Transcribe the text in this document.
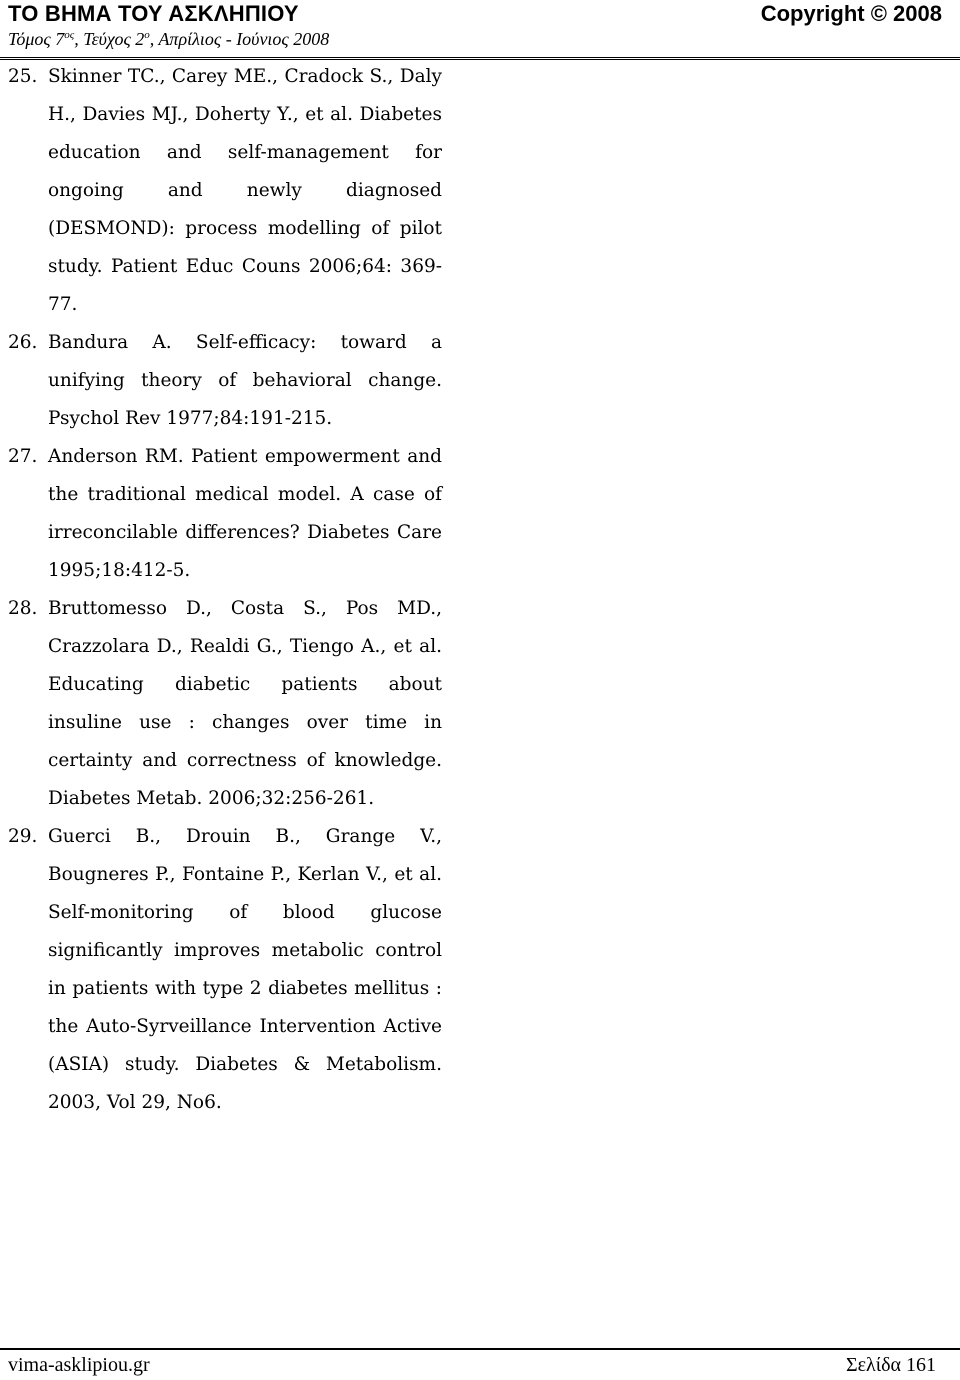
ΤΟ ΒΗΜΑ ΤΟΥ ΑΣΚΛΗΠΙΟΥ	Copyright © 2008
Τόμος $7^{o\varsigma}$, Τεύχος $2^o$, Απρίλιος - Ιούνιος 2008
25. Skinner TC., Carey ME., Cradock S., Daly H., Davies MJ., Doherty Y., et al. Diabetes education and self-management for ongoing and newly diagnosed (DESMOND): process modelling of pilot study. Patient Educ Couns 2006;64: 369-77.
26. Bandura A. Self-efficacy: toward a unifying theory of behavioral change. Psychol Rev 1977;84:191-215.
27. Anderson RM. Patient empowerment and the traditional medical model. A case of irreconcilable differences? Diabetes Care 1995;18:412-5.
28. Bruttomesso D., Costa S., Pos MD., Crazzolara D., Realdi G., Tiengo A., et al. Educating diabetic patients about insuline use : changes over time in certainty and correctness of knowledge. Diabetes Metab. 2006;32:256-261.
29. Guerci B., Drouin B., Grange V., Bougneres P., Fontaine P., Kerlan V., et al. Self-monitoring of blood glucose significantly improves metabolic control in patients with type 2 diabetes mellitus : the Auto-Syrveillance Intervention Active (ASIA) study. Diabetes & Metabolism. 2003, Vol 29, No6.
vima-asklipiou.gr	Σελίδα 161
